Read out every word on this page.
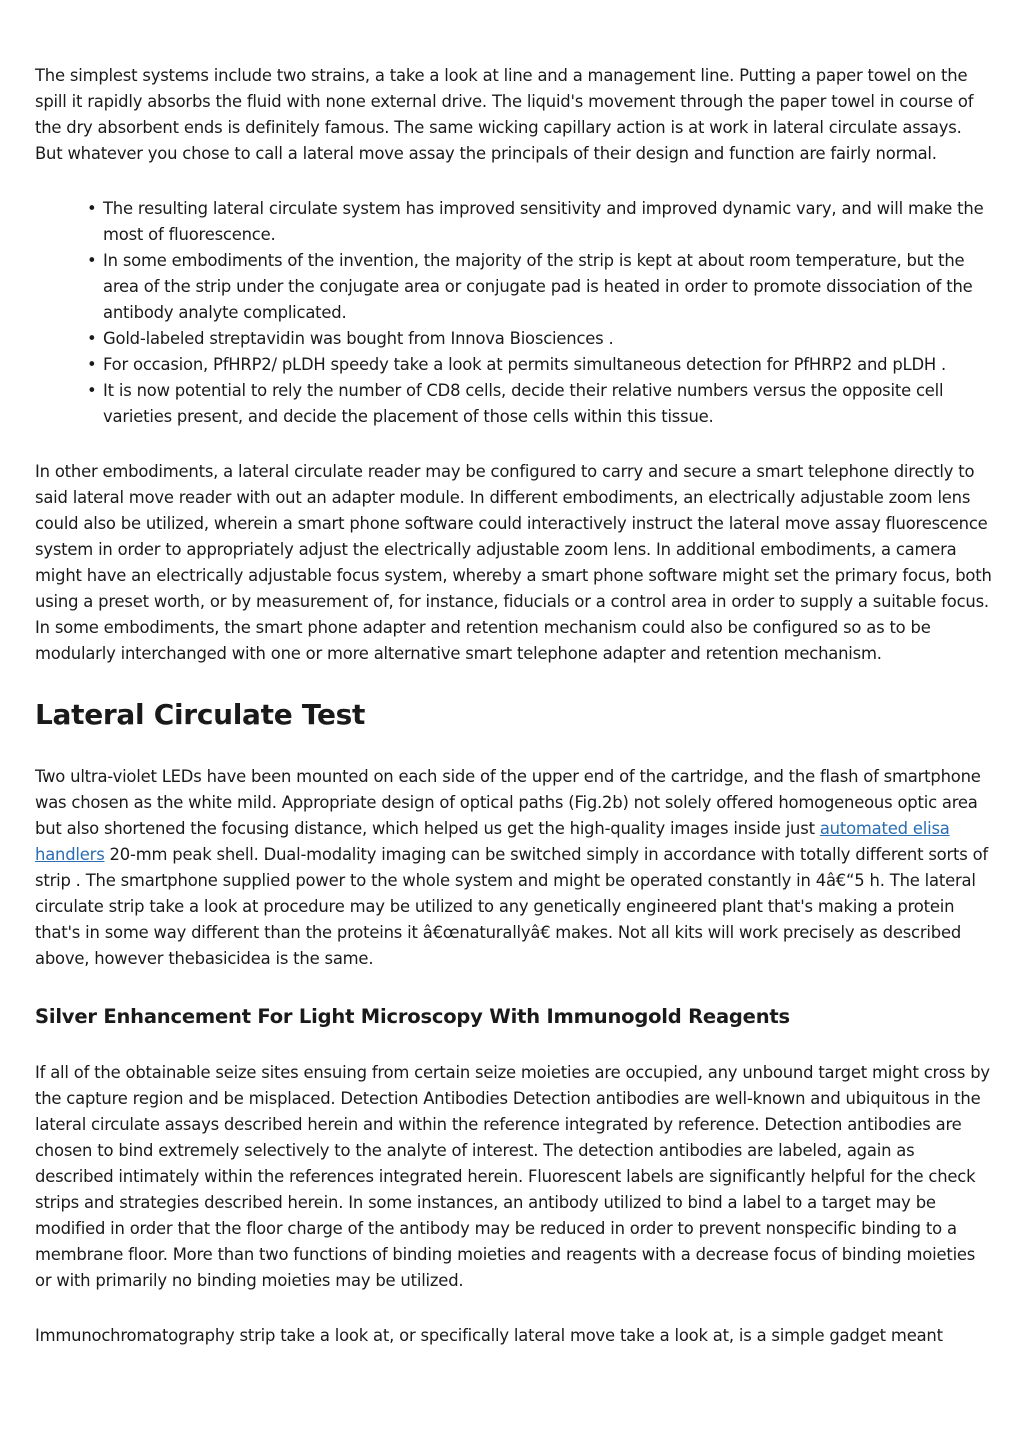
The simplest systems include two strains, a take a look at line and a management line. Putting a paper towel on the spill it rapidly absorbs the fluid with none external drive. The liquid's movement through the paper towel in course of the dry absorbent ends is definitely famous. The same wicking capillary action is at work in lateral circulate assays. But whatever you chose to call a lateral move assay the principals of their design and function are fairly normal.

• The resulting lateral circulate system has improved sensitivity and improved dynamic vary, and will make the most of fluorescence.
• In some embodiments of the invention, the majority of the strip is kept at about room temperature, but the area of the strip under the conjugate area or conjugate pad is heated in order to promote dissociation of the antibody analyte complicated.
• Gold-labeled streptavidin was bought from Innova Biosciences .
• For occasion, PfHRP2/ pLDH speedy take a look at permits simultaneous detection for PfHRP2 and pLDH .
• It is now potential to rely the number of CD8 cells, decide their relative numbers versus the opposite cell varieties present, and decide the placement of those cells within this tissue.

In other embodiments, a lateral circulate reader may be configured to carry and secure a smart telephone directly to said lateral move reader with out an adapter module. In different embodiments, an electrically adjustable zoom lens could also be utilized, wherein a smart phone software could interactively instruct the lateral move assay fluorescence system in order to appropriately adjust the electrically adjustable zoom lens. In additional embodiments, a camera might have an electrically adjustable focus system, whereby a smart phone software might set the primary focus, both using a preset worth, or by measurement of, for instance, fiducials or a control area in order to supply a suitable focus. In some embodiments, the smart phone adapter and retention mechanism could also be configured so as to be modularly interchanged with one or more alternative smart telephone adapter and retention mechanism.

Lateral Circulate Test

Two ultra-violet LEDs have been mounted on each side of the upper end of the cartridge, and the flash of smartphone was chosen as the white mild. Appropriate design of optical paths (Fig.2b) not solely offered homogeneous optic area but also shortened the focusing distance, which helped us get the high-quality images inside just automated elisa handlers 20-mm peak shell. Dual-modality imaging can be switched simply in accordance with totally different sorts of strip . The smartphone supplied power to the whole system and might be operated constantly in 4â€“5 h. The lateral circulate strip take a look at procedure may be utilized to any genetically engineered plant that's making a protein that's in some way different than the proteins it â€œnaturallyâ€ makes. Not all kits will work precisely as described above, however thebasicidea is the same.

Silver Enhancement For Light Microscopy With Immunogold Reagents

If all of the obtainable seize sites ensuing from certain seize moieties are occupied, any unbound target might cross by the capture region and be misplaced. Detection Antibodies Detection antibodies are well-known and ubiquitous in the lateral circulate assays described herein and within the reference integrated by reference. Detection antibodies are chosen to bind extremely selectively to the analyte of interest. The detection antibodies are labeled, again as described intimately within the references integrated herein. Fluorescent labels are significantly helpful for the check strips and strategies described herein. In some instances, an antibody utilized to bind a label to a target may be modified in order that the floor charge of the antibody may be reduced in order to prevent nonspecific binding to a membrane floor. More than two functions of binding moieties and reagents with a decrease focus of binding moieties or with primarily no binding moieties may be utilized.

Immunochromatography strip take a look at, or specifically lateral move take a look at, is a simple gadget meant
